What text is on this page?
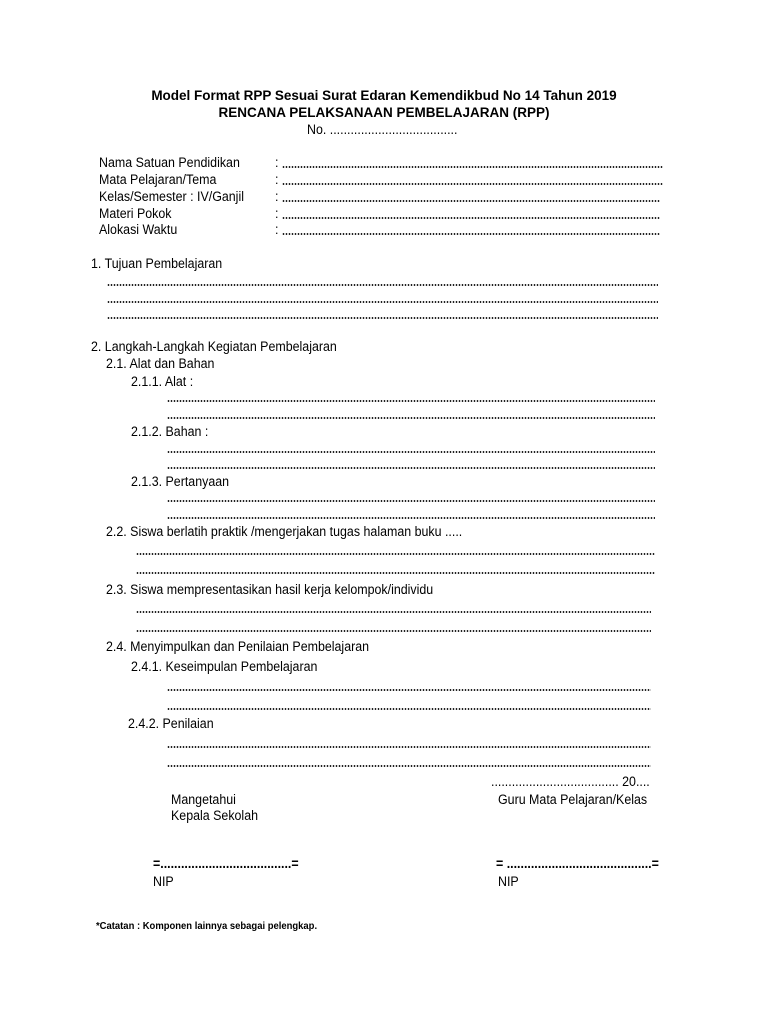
Model Format RPP Sesuai Surat Edaran Kemendikbud No 14 Tahun 2019
RENCANA PELAKSANAAN PEMBELAJARAN (RPP)
No. .....................................
Nama Satuan Pendidikan	:
Mata Pelajaran/Tema	:
Kelas/Semester : IV/Ganjil :
Materi Pokok	:
Alokasi Waktu	:
1. Tujuan Pembelajaran
2. Langkah-Langkah Kegiatan Pembelajaran
2.1. Alat dan Bahan
2.1.1. Alat :
2.1.2. Bahan :
2.1.3. Pertanyaan
2.2. Siswa berlatih praktik /mengerjakan tugas halaman buku .....
2.3. Siswa mempresentasikan hasil kerja kelompok/individu
2.4. Menyimpulkan dan Penilaian Pembelajaran
2.4.1. Keseimpulan Pembelajaran
2.4.2. Penilaian
..................................... 20....
Mangetahui
Kepala Sekolah
Guru Mata Pelajaran/Kelas
=......................................=
NIP
= ..........................................=
NIP
*Catatan : Komponen lainnya sebagai pelengkap.
